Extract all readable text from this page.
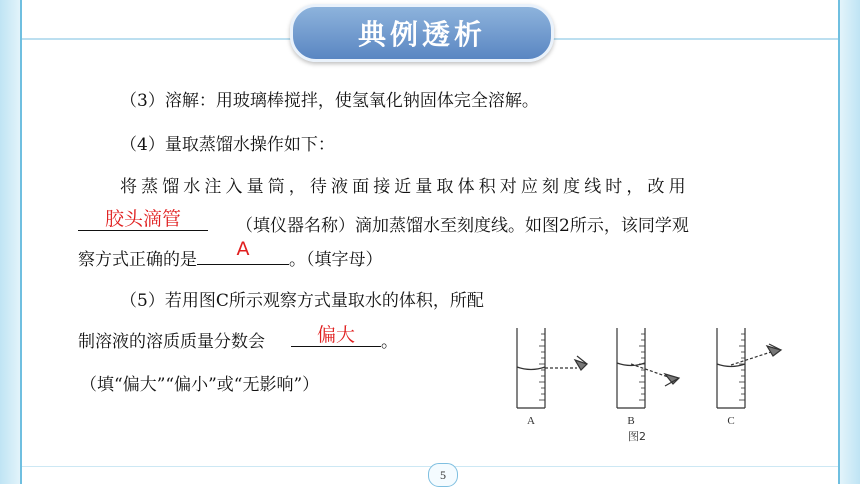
典例透析
（3）溶解：用玻璃棒搅拌，使氢氧化钠固体完全溶解。
（4）量取蒸馏水操作如下：
将蒸馏水注入量筒，待液面接近量取体积对应刻度线时，改用
胶头滴管	（填仪器名称）滴加蒸馏水至刻度线。如图2所示，该同学观
察方式正确的是	A	。（填字母）
（5）若用图C所示观察方式量取水的体积，所配
制溶液的溶质质量分数会	偏大	。
（填“偏大”“偏小”或“无影响”）
A	B	C
图2
5
